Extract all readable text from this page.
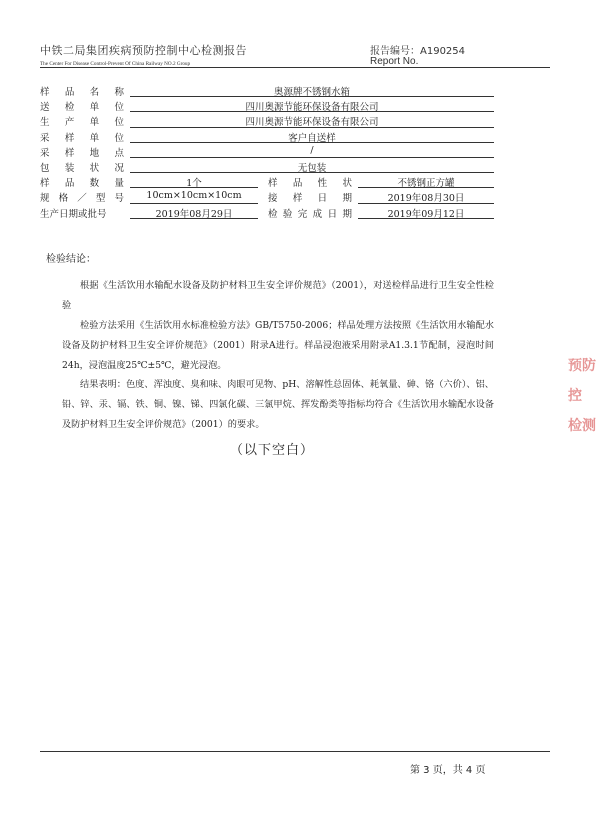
中铁二局集团疾病预防控制中心检测报告
The Center For Disease Control-Prevent Of China Railway NO.2 Group
报告编号：A190254
Report No.
样 品 名 称	奥源牌不锈钢水箱
送 检 单 位	四川奥源节能环保设备有限公司
生 产 单 位	四川奥源节能环保设备有限公司
采 样 单 位	客户自送样
采 样 地 点	/
包 装 状 况	无包装
样 品 数 量	1个	样 品 性 状	不锈钢正方罐
规 格 ／ 型 号	10cm×10cm×10cm	接 样 日 期	2019年08月30日
生产日期或批号	2019年08月29日	检 验 完 成 日 期	2019年09月12日
检验结论：
根据《生活饮用水输配水设备及防护材料卫生安全评价规范》（2001），对送检样品进行卫生安全性检验
检验方法采用《生活饮用水标准检验方法》GB/T5750-2006；样品处理方法按照《生活饮用水输配水设备及防护材料卫生安全评价规范》（2001）附录A进行。样品浸泡液采用附录A1.3.1节配制，浸泡时间24h，浸泡温度25℃±5℃，避光浸泡。
结果表明：色度、浑浊度、臭和味、肉眼可见物、pH、溶解性总固体、耗氧量、砷、铬（六价）、铝、铅、锌、汞、镉、铁、铜、镍、锑、四氯化碳、三氯甲烷、挥发酚类等指标均符合《生活饮用水输配水设备及防护材料卫生安全评价规范》（2001）的要求。
（以下空白）
预防
控
检测
第 3 页，共 4 页
